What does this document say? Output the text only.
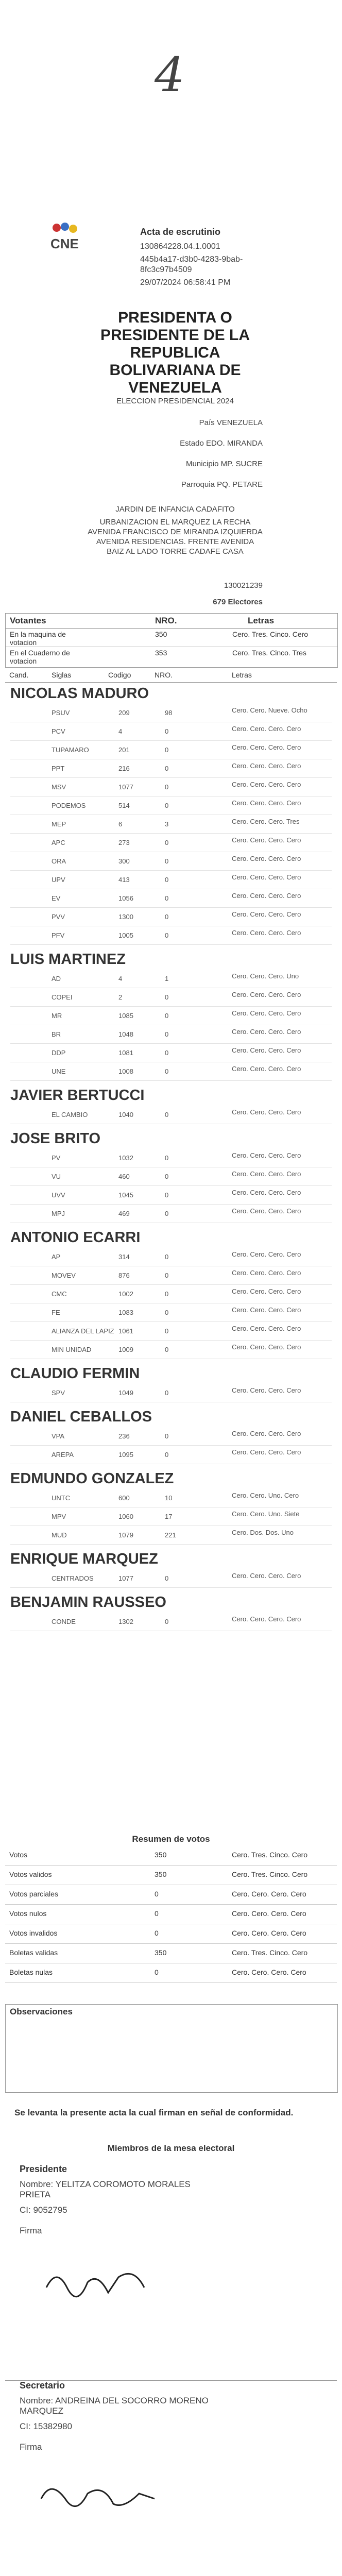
4
CNE
Acta de escrutinio
130864228.04.1.0001
445b4a17-d3b0-4283-9bab-8fc3c97b4509
29/07/2024 06:58:41 PM
PRESIDENTA O PRESIDENTE DE LA REPUBLICA BOLIVARIANA DE VENEZUELA
ELECCION PRESIDENCIAL 2024
País VENEZUELA
Estado EDO. MIRANDA
Municipio MP. SUCRE
Parroquia PQ. PETARE
JARDIN DE INFANCIA CADAFITO
URBANIZACION EL MARQUEZ LA RECHA AVENIDA FRANCISCO DE MIRANDA IZQUIERDA AVENIDA RESIDENCIAS. FRENTE AVENIDA BAIZ AL LADO TORRE CADAFE CASA
130021239
679 Electores
Votantes	NRO.	Letras
En la maquina de votacion
350	Cero. Tres. Cinco. Cero
En el Cuaderno de votacion
353	Cero. Tres. Cinco. Tres
Cand.	Siglas	Codigo	NRO.	Letras
NICOLAS MADURO
PSUV	209	98	Cero. Cero. Nueve. Ocho
PCV	4	0	Cero. Cero. Cero. Cero
TUPAMARO	201	0	Cero. Cero. Cero. Cero
PPT	216	0	Cero. Cero. Cero. Cero
MSV	1077	0	Cero. Cero. Cero. Cero
PODEMOS	514	0	Cero. Cero. Cero. Cero
MEP	6	3	Cero. Cero. Cero. Tres
APC	273	0	Cero. Cero. Cero. Cero
ORA	300	0	Cero. Cero. Cero. Cero
UPV	413	0	Cero. Cero. Cero. Cero
EV	1056	0	Cero. Cero. Cero. Cero
PVV	1300	0	Cero. Cero. Cero. Cero
PFV	1005	0	Cero. Cero. Cero. Cero
LUIS MARTINEZ
AD	4	1	Cero. Cero. Cero. Uno
COPEI	2	0	Cero. Cero. Cero. Cero
MR	1085	0	Cero. Cero. Cero. Cero
BR	1048	0	Cero. Cero. Cero. Cero
DDP	1081	0	Cero. Cero. Cero. Cero
UNE	1008	0	Cero. Cero. Cero. Cero
JAVIER BERTUCCI
EL CAMBIO	1040	0	Cero. Cero. Cero. Cero
JOSE BRITO
PV	1032	0	Cero. Cero. Cero. Cero
VU	460	0	Cero. Cero. Cero. Cero
UVV	1045	0	Cero. Cero. Cero. Cero
MPJ	469	0	Cero. Cero. Cero. Cero
ANTONIO ECARRI
AP	314	0	Cero. Cero. Cero. Cero
MOVEV	876	0	Cero. Cero. Cero. Cero
CMC	1002	0	Cero. Cero. Cero. Cero
FE	1083	0	Cero. Cero. Cero. Cero
ALIANZA DEL LAPIZ 1061	0	Cero. Cero. Cero. Cero
MIN UNIDAD	1009	0	Cero. Cero. Cero. Cero
CLAUDIO FERMIN
SPV	1049	0	Cero. Cero. Cero. Cero
DANIEL CEBALLOS
VPA	236	0	Cero. Cero. Cero. Cero
AREPA	1095	0	Cero. Cero. Cero. Cero
EDMUNDO GONZALEZ
UNTC	600	10	Cero. Cero. Uno. Cero
MPV	1060	17	Cero. Cero. Uno. Siete
MUD	1079	221	Cero. Dos. Dos. Uno
ENRIQUE MARQUEZ
CENTRADOS	1077	0	Cero. Cero. Cero. Cero
BENJAMIN RAUSSEO
CONDE	1302	0	Cero. Cero. Cero. Cero
Resumen de votos
Votos	350	Cero. Tres. Cinco. Cero
Votos validos	350	Cero. Tres. Cinco. Cero
Votos parciales	0	Cero. Cero. Cero. Cero
Votos nulos	0	Cero. Cero. Cero. Cero
Votos invalidos	0	Cero. Cero. Cero. Cero
Boletas validas	350	Cero. Tres. Cinco. Cero
Boletas nulas	0	Cero. Cero. Cero. Cero
Observaciones
Se levanta la presente acta la cual firman en señal de conformidad.
Miembros de la mesa electoral
Presidente
Nombre: YELITZA COROMOTO MORALES PRIETA
CI: 9052795
Firma
Secretario
Nombre: ANDREINA DEL SOCORRO MORENO MARQUEZ
CI: 15382980
Firma
